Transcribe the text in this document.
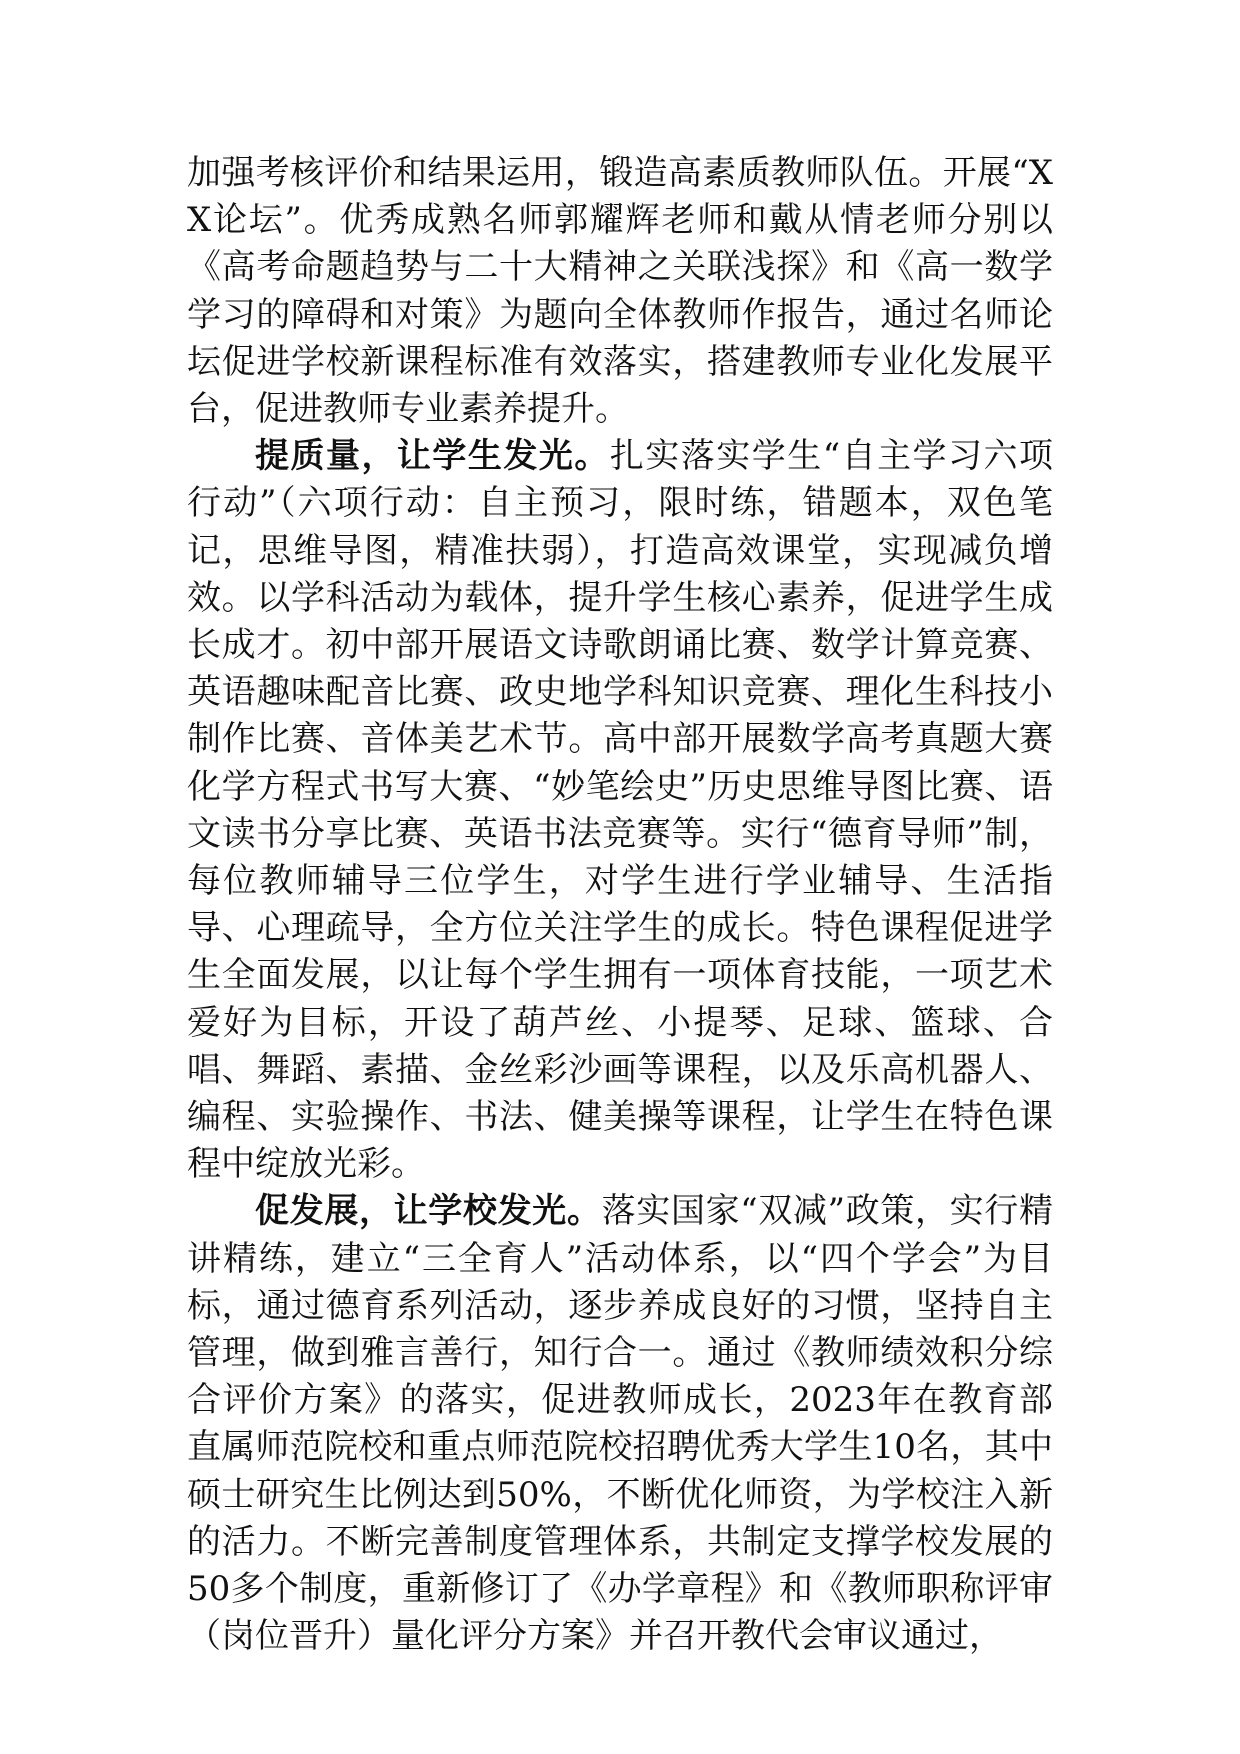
加强考核评价和结果运用，锻造高素质教师队伍。开展“XX论坛”。优秀成熟名师郭耀辉老师和戴从情老师分别以《高考命题趋势与二十大精神之关联浅探》和《高一数学学习的障碍和对策》为题向全体教师作报告，通过名师论坛促进学校新课程标准有效落实，搭建教师专业化发展平台，促进教师专业素养提升。

提质量，让学生发光。扎实落实学生“自主学习六项行动”（六项行动：自主预习，限时练，错题本，双色笔记，思维导图，精准扶弱），打造高效课堂，实现减负增效。以学科活动为载体，提升学生核心素养，促进学生成长成才。初中部开展语文诗歌朗诵比赛、数学计算竞赛、英语趣味配音比赛、政史地学科知识竞赛、理化生科技小制作比赛、音体美艺术节。高中部开展数学高考真题大赛化学方程式书写大赛、“妙笔绘史”历史思维导图比赛、语文读书分享比赛、英语书法竞赛等。实行“德育导师”制，每位教师辅导三位学生，对学生进行学业辅导、生活指导、心理疏导，全方位关注学生的成长。特色课程促进学生全面发展，以让每个学生拥有一项体育技能，一项艺术爱好为目标，开设了葫芦丝、小提琴、足球、篮球、合唱、舞蹈、素描、金丝彩沙画等课程，以及乐高机器人、编程、实验操作、书法、健美操等课程，让学生在特色课程中绽放光彩。

促发展，让学校发光。落实国家“双减”政策，实行精讲精练，建立“三全育人”活动体系，以“四个学会”为目标，通过德育系列活动，逐步养成良好的习惯，坚持自主管理，做到雅言善行，知行合一。通过《教师绩效积分综合评价方案》的落实，促进教师成长，2023年在教育部直属师范院校和重点师范院校招聘优秀大学生10名，其中硕士研究生比例达到50%，不断优化师资，为学校注入新的活力。不断完善制度管理体系，共制定支撑学校发展的50多个制度，重新修订了《办学章程》和《教师职称评审（岗位晋升）量化评分方案》并召开教代会审议通过，
